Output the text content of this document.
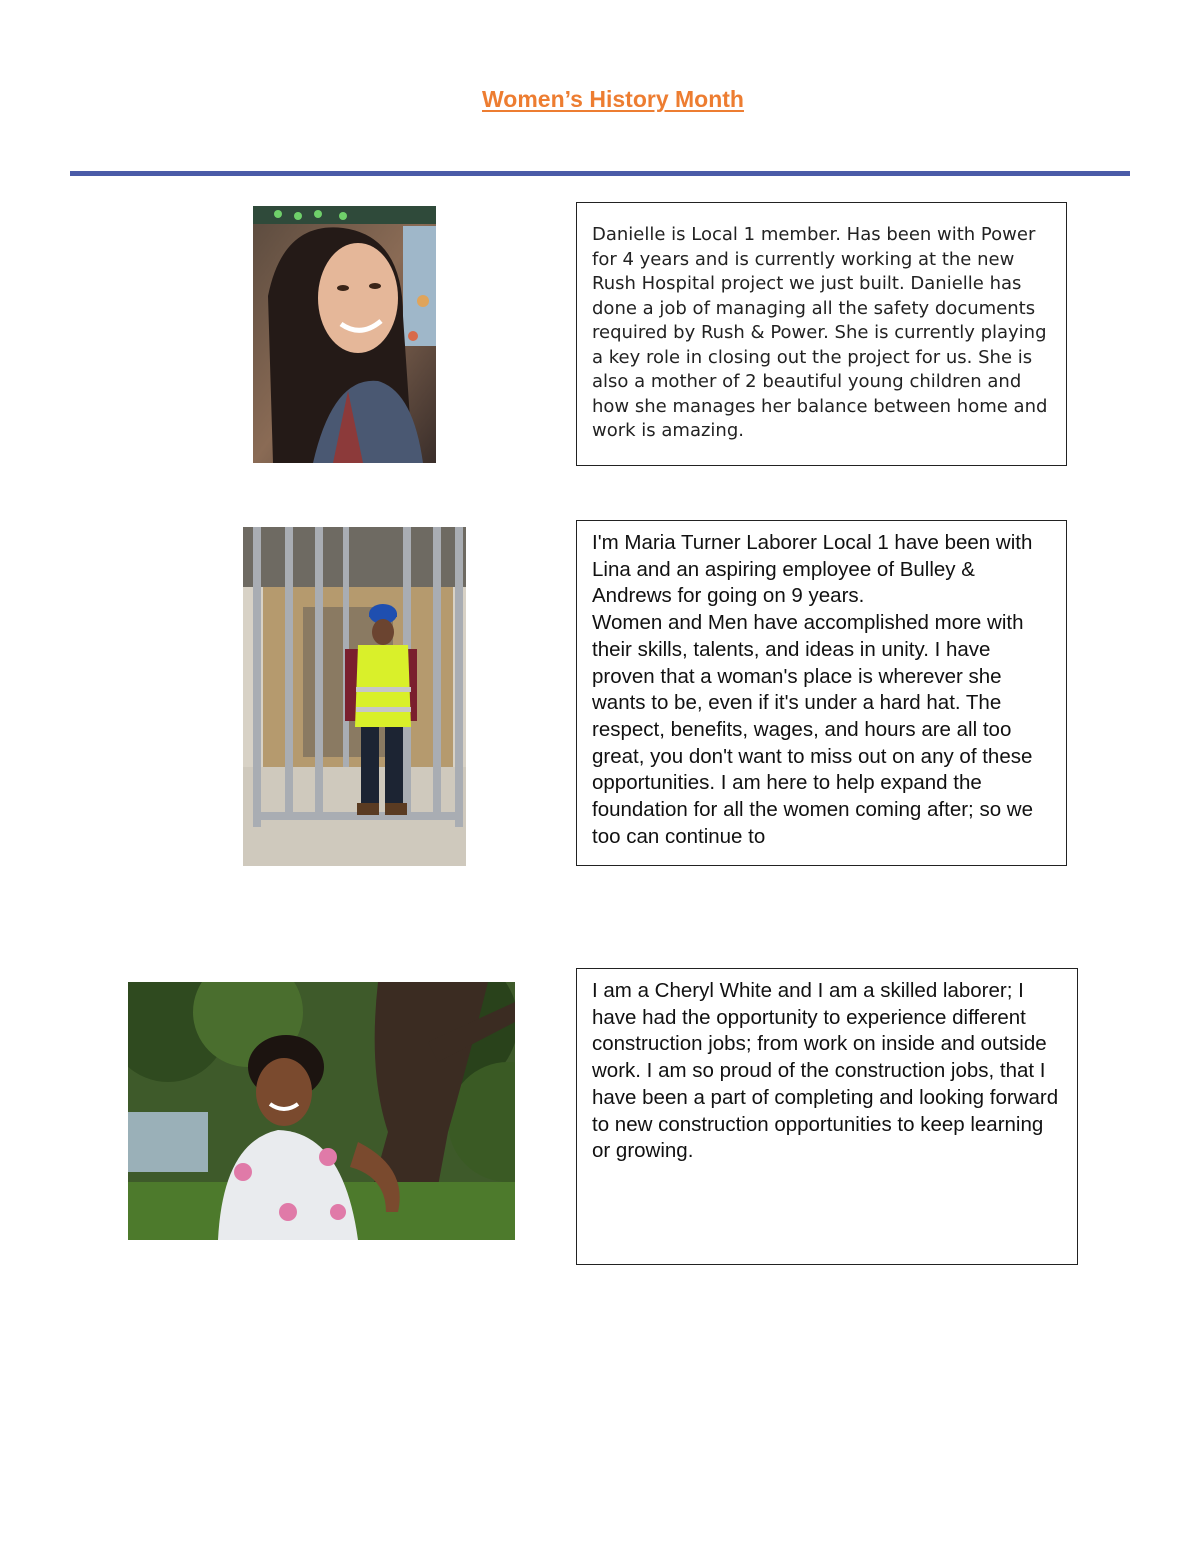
Women’s History Month

Danielle is Local 1 member. Has been with Power for 4 years and is currently working at the new Rush Hospital project we just built. Danielle has done a job of managing all the safety documents required by Rush & Power. She is currently playing a key role in closing out the project for us. She is also a mother of 2 beautiful young children and how she manages her balance between home and work is amazing.

I'm Maria Turner Laborer Local 1 have been with Lina and an aspiring employee of Bulley & Andrews for going on 9 years.
Women and Men have accomplished more with their skills, talents, and ideas in unity. I have proven that a woman's place is wherever she wants to be, even if it's under a hard hat. The respect, benefits, wages, and hours are all too great, you don't want to miss out on any of these opportunities. I am here to help expand the foundation for all the women coming after; so we too can continue to

I am a Cheryl White and I am a skilled laborer; I have had the opportunity to experience different construction jobs; from work on inside and outside work. I am so proud of the construction jobs, that I have been a part of completing and looking forward to new construction opportunities to keep learning or growing.
